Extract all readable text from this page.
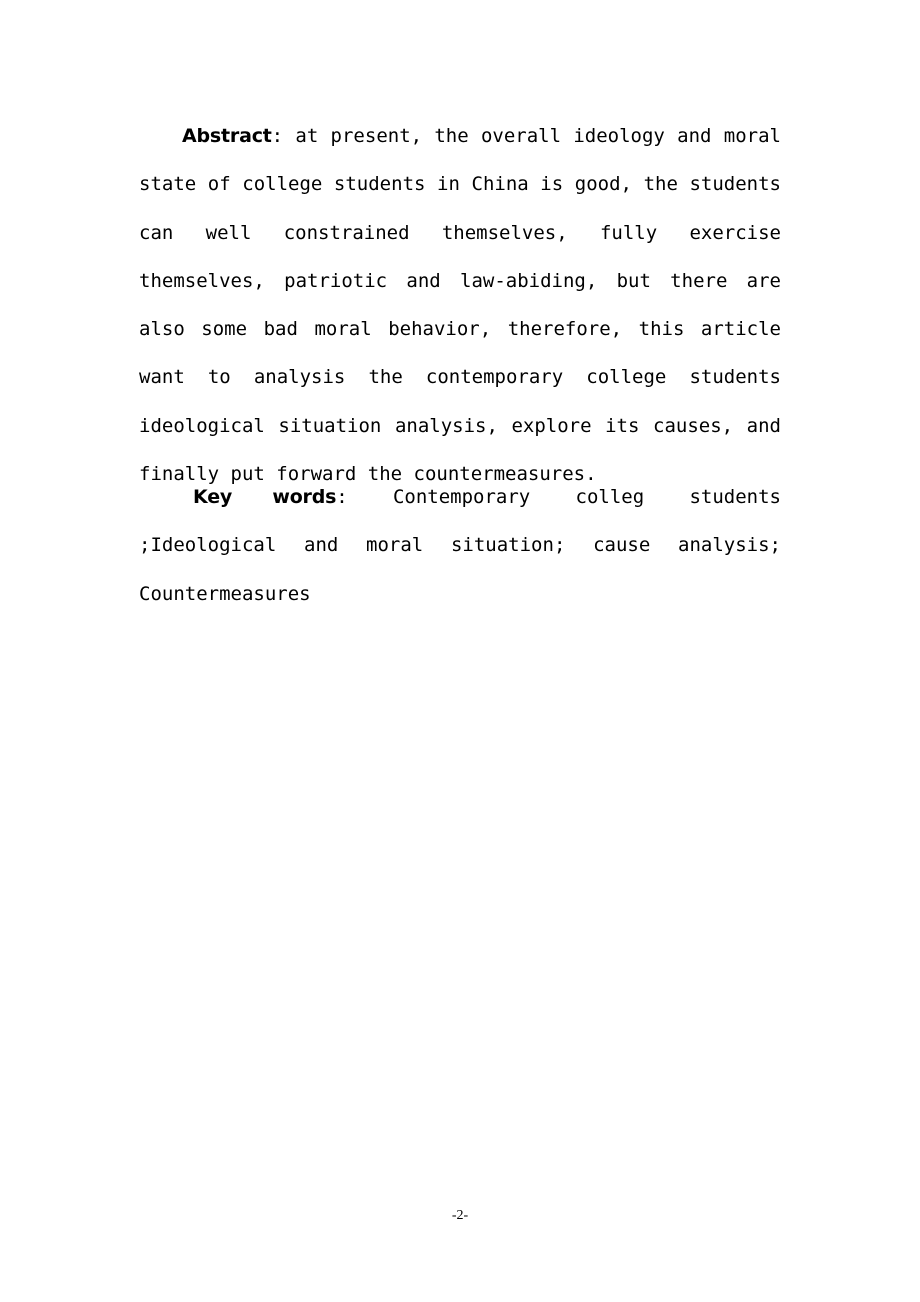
Abstract: at present, the overall ideology and moral state of college students in China is good, the students can well constrained themselves, fully exercise themselves, patriotic and law-abiding, but there are also some bad moral behavior, therefore, this article want to analysis the contemporary college students ideological situation analysis, explore its causes, and finally put forward the countermeasures.

Key words: Contemporary colleg students ;Ideological and moral situation; cause analysis; Countermeasures

-2-
